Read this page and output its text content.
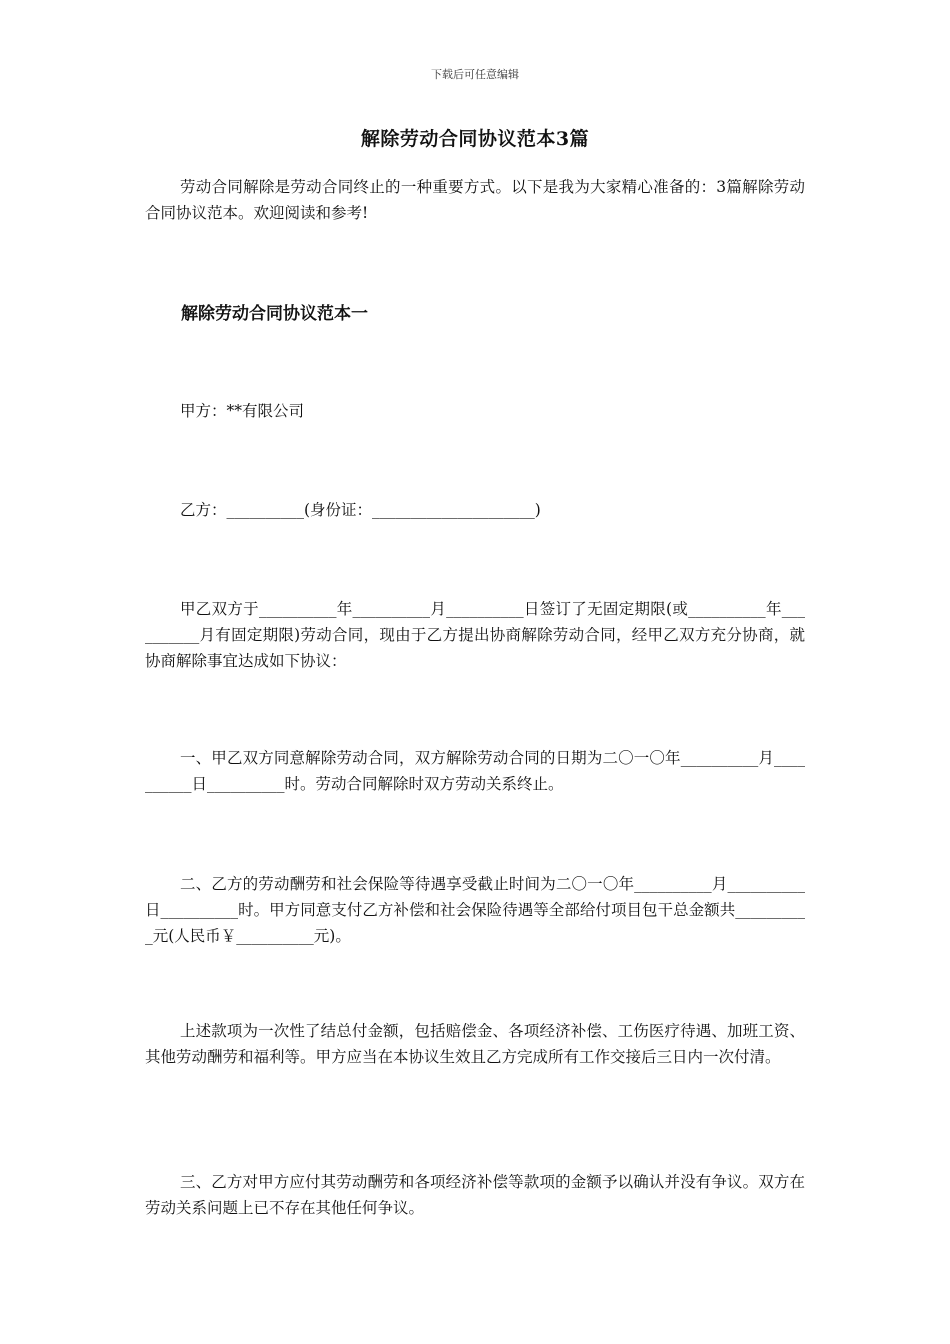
下载后可任意编辑
解除劳动合同协议范本3篇
劳动合同解除是劳动合同终止的一种重要方式。以下是我为大家精心准备的：3篇解除劳动合同协议范本。欢迎阅读和参考!
解除劳动合同协议范本一
甲方：**有限公司
乙方：__________(身份证：_____________________)
甲乙双方于__________年__________月__________日签订了无固定期限(或__________年__________月有固定期限)劳动合同，现由于乙方提出协商解除劳动合同，经甲乙双方充分协商，就协商解除事宜达成如下协议：
一、甲乙双方同意解除劳动合同，双方解除劳动合同的日期为二〇一〇年__________月__________日__________时。劳动合同解除时双方劳动关系终止。
二、乙方的劳动酬劳和社会保险等待遇享受截止时间为二〇一〇年__________月__________日__________时。甲方同意支付乙方补偿和社会保险待遇等全部给付项目包干总金额共__________元(人民币￥__________元)。
上述款项为一次性了结总付金额，包括赔偿金、各项经济补偿、工伤医疗待遇、加班工资、其他劳动酬劳和福利等。甲方应当在本协议生效且乙方完成所有工作交接后三日内一次付清。
三、乙方对甲方应付其劳动酬劳和各项经济补偿等款项的金额予以确认并没有争议。双方在劳动关系问题上已不存在其他任何争议。
